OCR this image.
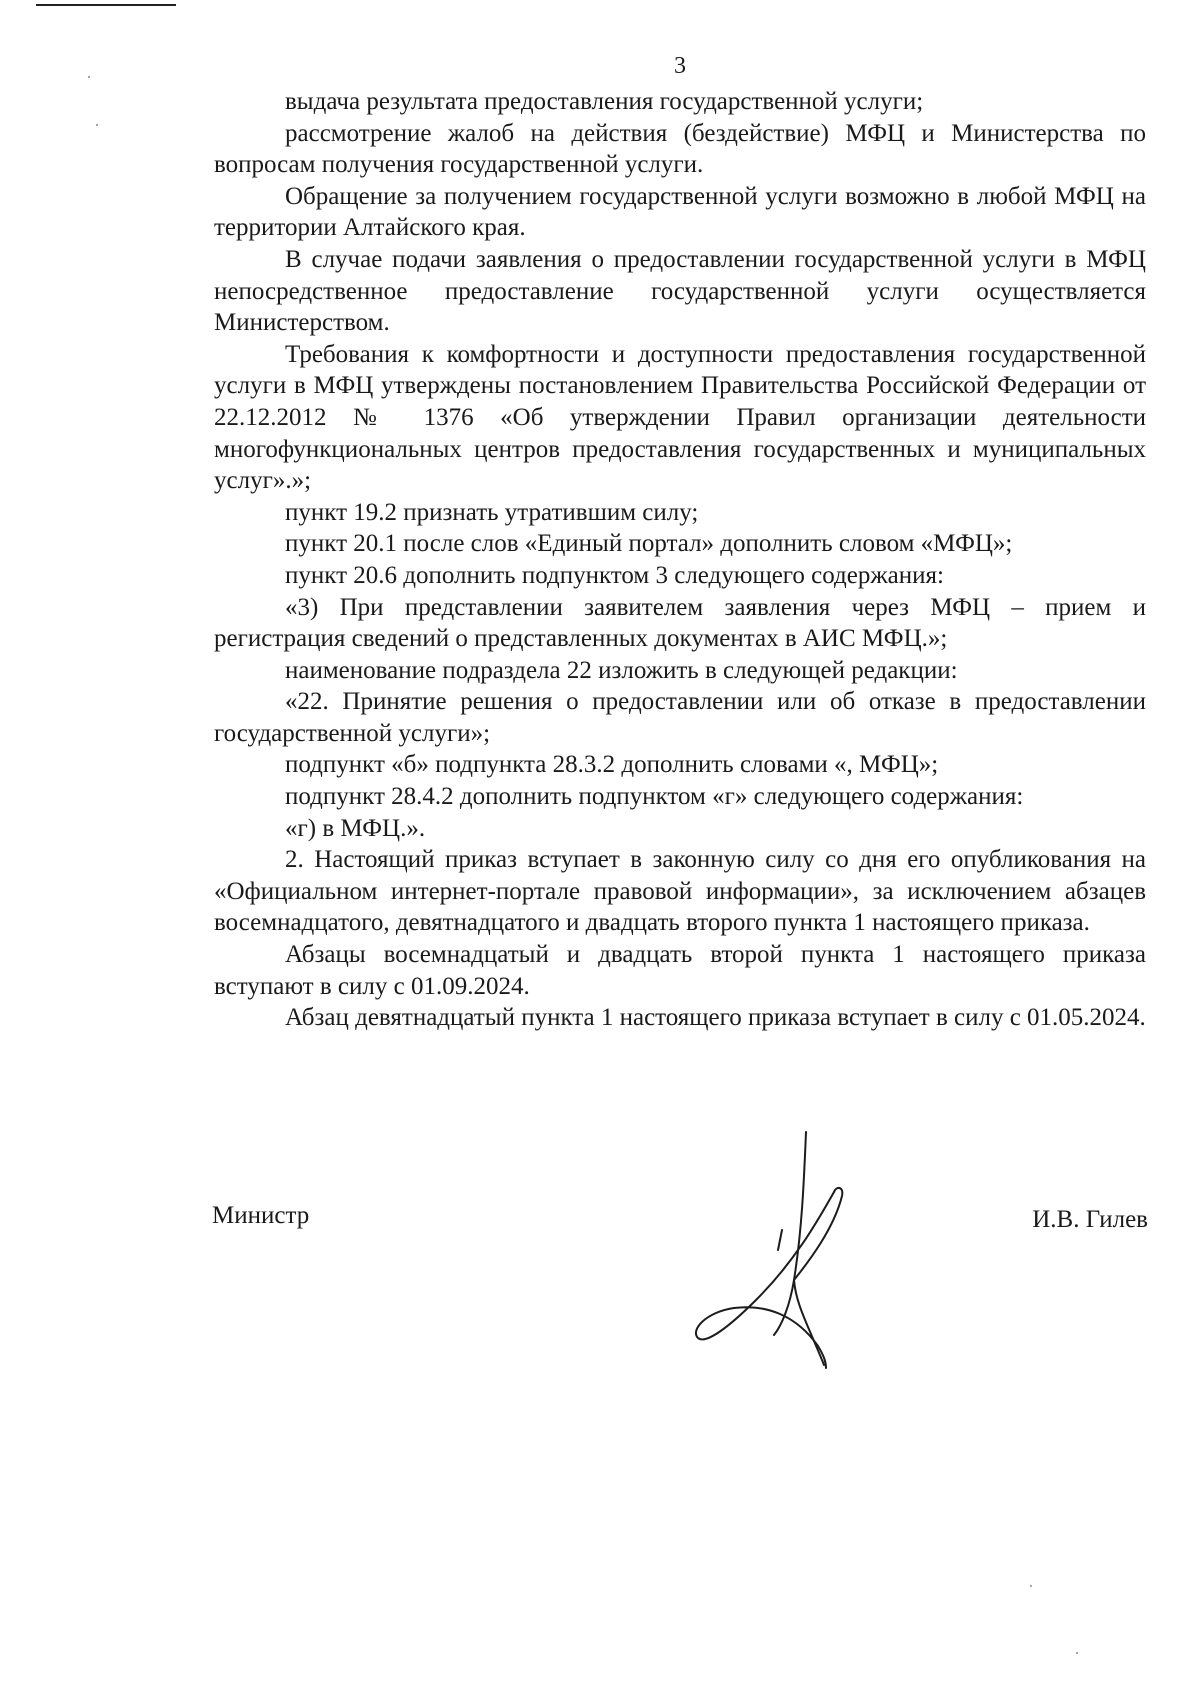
3

выдача результата предоставления государственной услуги;

рассмотрение жалоб на действия (бездействие) МФЦ и Министерства по вопросам получения государственной услуги.

Обращение за получением государственной услуги возможно в любой МФЦ на территории Алтайского края.

В случае подачи заявления о предоставлении государственной услуги в МФЦ непосредственное предоставление государственной услуги осуществляется Министерством.

Требования к комфортности и доступности предоставления государственной услуги в МФЦ утверждены постановлением Правительства Российской Федерации от 22.12.2012 № 1376 «Об утверждении Правил организации деятельности многофункциональных центров предоставления государственных и муниципальных услуг».»;

пункт 19.2 признать утратившим силу;

пункт 20.1 после слов «Единый портал» дополнить словом «МФЦ»;

пункт 20.6 дополнить подпунктом 3 следующего содержания:

«3) При представлении заявителем заявления через МФЦ – прием и регистрация сведений о представленных документах в АИС МФЦ.»;

наименование подраздела 22 изложить в следующей редакции:

«22. Принятие решения о предоставлении или об отказе в предоставлении государственной услуги»;

подпункт «б» подпункта 28.3.2 дополнить словами «, МФЦ»;

подпункт 28.4.2 дополнить подпунктом «г» следующего содержания:

«г) в МФЦ.».

2. Настоящий приказ вступает в законную силу со дня его опубликования на «Официальном интернет-портале правовой информации», за исключением абзацев восемнадцатого, девятнадцатого и двадцать второго пункта 1 настоящего приказа.

Абзацы восемнадцатый и двадцать второй пункта 1 настоящего приказа вступают в силу с 01.09.2024.

Абзац девятнадцатый пункта 1 настоящего приказа вступает в силу с 01.05.2024.

Министр	И.В. Гилев
